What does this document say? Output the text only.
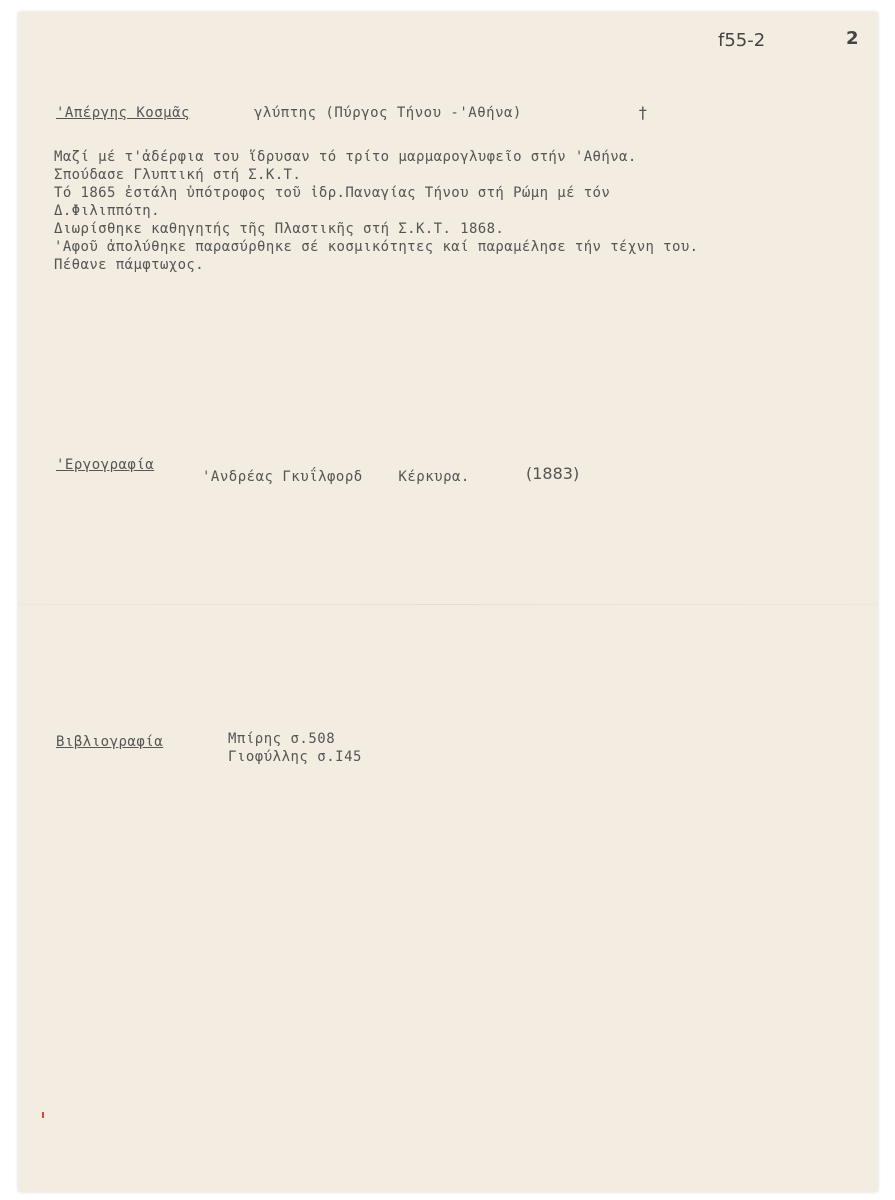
f55-2	2
'Απέργης Κοσμᾶς	γλύπτης (Πύργος Τήνου -'Αθήνα)	†
Μαζί μέ τ'ἀδέρφια του ἵδρυσαν τό τρίτο μαρμαρογλυφεῖο στήν 'Αθήνα.
Σπούδασε Γλυπτική στή Σ.Κ.Τ.
Τό 1865 ἐστάλη ὑπότροφος τοῦ ἰδρ.Παναγίας Τήνου στή Ρώμη μέ τόν
Δ.Φιλιππότη.
Διωρίσθηκε καθηγητής τῆς Πλαστικῆς στή Σ.Κ.Τ. 1868.
'Αφοῦ ἀπολύθηκε παρασύρθηκε σέ κοσμικότητες καί παραμέλησε τήν τέχνη του.
Πέθανε πάμφτωχος.
'Εργογραφία
'Ανδρέας Γκυΐλφορδ    Κέρκυρα.	(1883)
Βιβλιογραφία	Μπίρης σ.508
Γιοφύλλης σ.Ι45
